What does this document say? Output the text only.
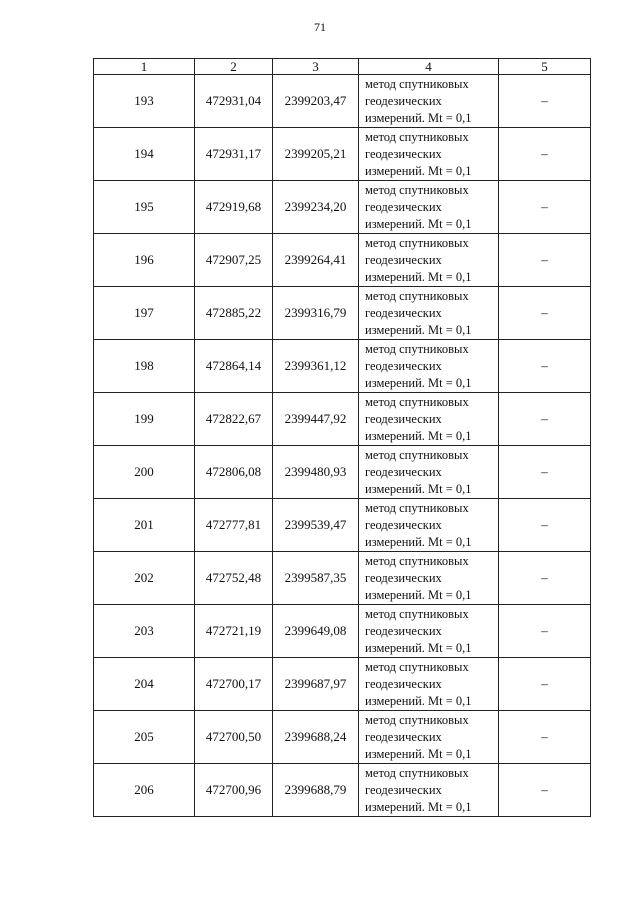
71
1	2	3	4	5
193	472931,04	2399203,47	метод спутниковых
геодезических
измерений. Mt = 0,1	–
194	472931,17	2399205,21	метод спутниковых
геодезических
измерений. Mt = 0,1	–
195	472919,68	2399234,20	метод спутниковых
геодезических
измерений. Mt = 0,1	–
196	472907,25	2399264,41	метод спутниковых
геодезических
измерений. Mt = 0,1	–
197	472885,22	2399316,79	метод спутниковых
геодезических
измерений. Mt = 0,1	–
198	472864,14	2399361,12	метод спутниковых
геодезических
измерений. Mt = 0,1	–
199	472822,67	2399447,92	метод спутниковых
геодезических
измерений. Mt = 0,1	–
200	472806,08	2399480,93	метод спутниковых
геодезических
измерений. Mt = 0,1	–
201	472777,81	2399539,47	метод спутниковых
геодезических
измерений. Mt = 0,1	–
202	472752,48	2399587,35	метод спутниковых
геодезических
измерений. Mt = 0,1	–
203	472721,19	2399649,08	метод спутниковых
геодезических
измерений. Mt = 0,1	–
204	472700,17	2399687,97	метод спутниковых
геодезических
измерений. Mt = 0,1	–
205	472700,50	2399688,24	метод спутниковых
геодезических
измерений. Mt = 0,1	–
206	472700,96	2399688,79	метод спутниковых
геодезических
измерений. Mt = 0,1	–
